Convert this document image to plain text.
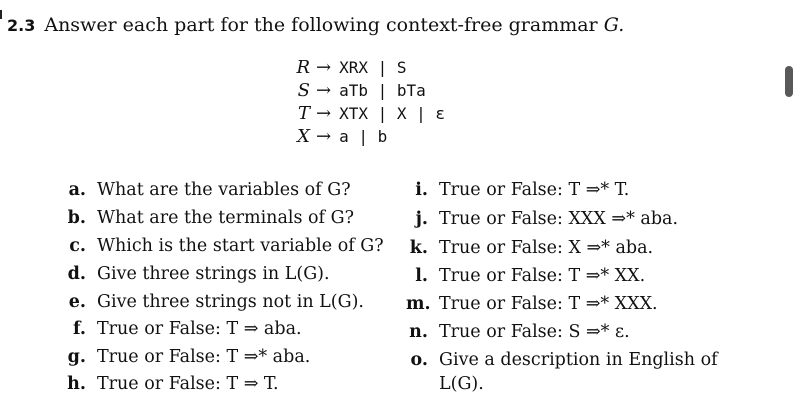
2.3 Answer each part for the following context-free grammar G.
R → XRX | S
S → aTb | bTa
T → XTX | X | ε
X → a | b
a. What are the variables of G?
b. What are the terminals of G?
c. Which is the start variable of G?
d. Give three strings in L(G).
e. Give three strings not in L(G).
f. True or False: T ⇒ aba.
g. True or False: T ⇒* aba.
h. True or False: T ⇒ T.
i. True or False: T ⇒* T.
j. True or False: XXX ⇒* aba.
k. True or False: X ⇒* aba.
l. True or False: T ⇒* XX.
m. True or False: T ⇒* XXX.
n. True or False: S ⇒* ε.
o. Give a description in English of
L(G).
